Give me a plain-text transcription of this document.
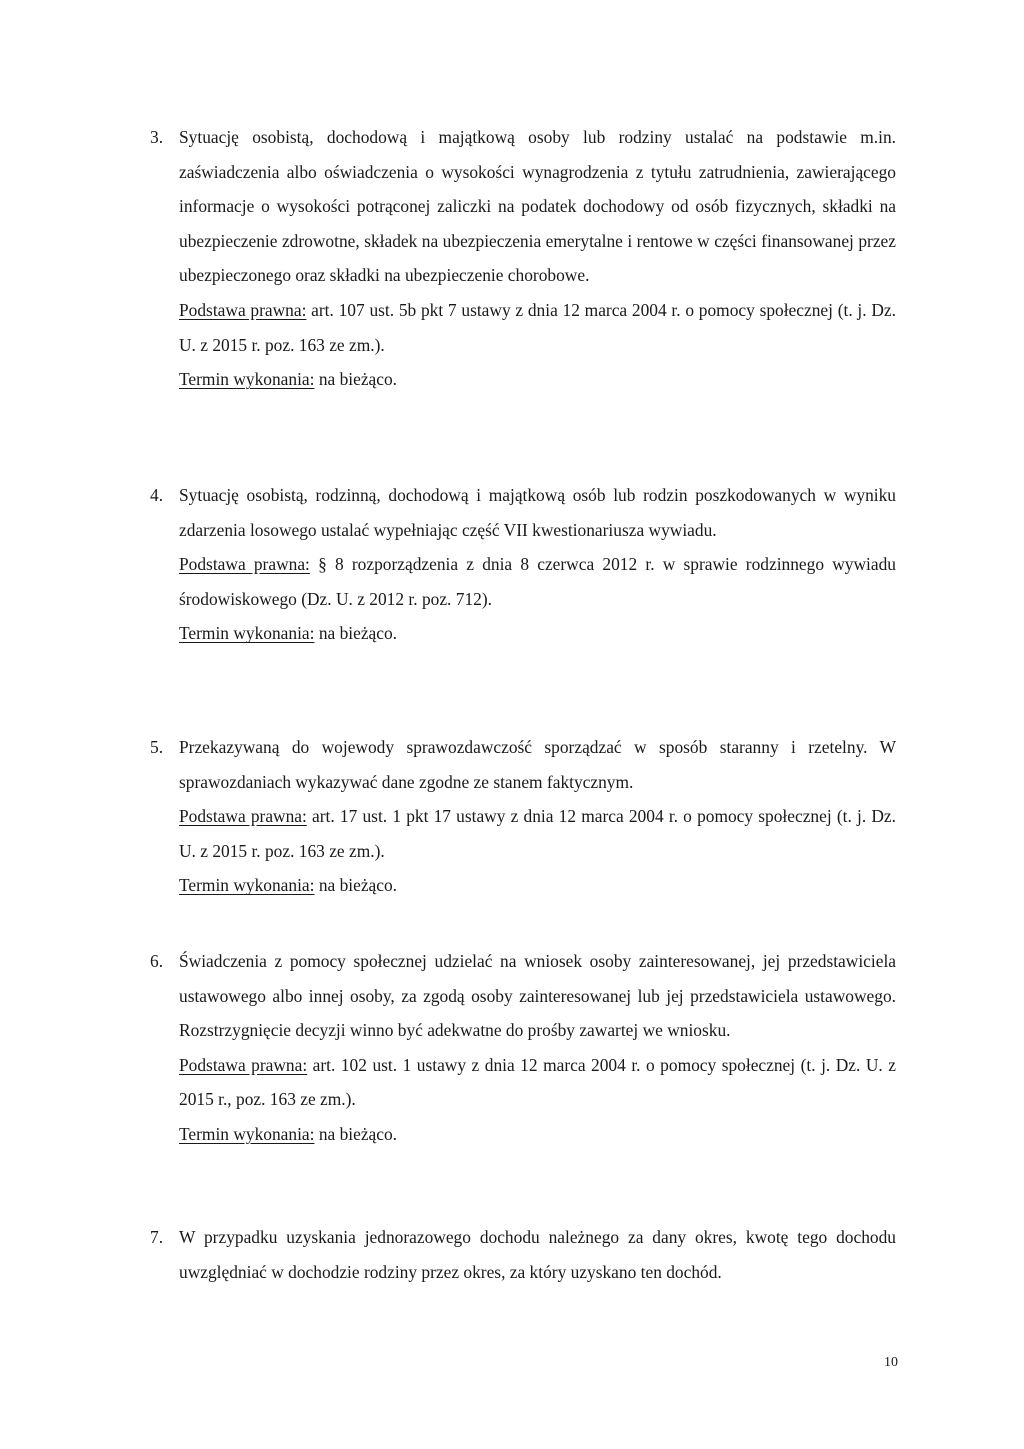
3. Sytuację osobistą, dochodową i majątkową osoby lub rodziny ustalać na podstawie m.in. zaświadczenia albo oświadczenia o wysokości wynagrodzenia z tytułu zatrudnienia, zawierającego informacje o wysokości potrąconej zaliczki na podatek dochodowy od osób fizycznych, składki na ubezpieczenie zdrowotne, składek na ubezpieczenia emerytalne i rentowe w części finansowanej przez ubezpieczonego oraz składki na ubezpieczenie chorobowe.

Podstawa prawna: art. 107 ust. 5b pkt 7 ustawy z dnia 12 marca 2004 r. o pomocy społecznej (t. j. Dz. U. z 2015 r. poz. 163 ze zm.).

Termin wykonania: na bieżąco.

4. Sytuację osobistą, rodzinną, dochodową i majątkową osób lub rodzin poszkodowanych w wyniku zdarzenia losowego ustalać wypełniając część VII kwestionariusza wywiadu.

Podstawa prawna: § 8 rozporządzenia z dnia 8 czerwca 2012 r. w sprawie rodzinnego wywiadu środowiskowego (Dz. U. z 2012 r. poz. 712).

Termin wykonania: na bieżąco.

5. Przekazywaną do wojewody sprawozdawczość sporządzać w sposób staranny i rzetelny. W sprawozdaniach wykazywać dane zgodne ze stanem faktycznym.

Podstawa prawna: art. 17 ust. 1 pkt 17 ustawy z dnia 12 marca 2004 r. o pomocy społecznej (t. j. Dz. U. z 2015 r. poz. 163 ze zm.).

Termin wykonania: na bieżąco.

6. Świadczenia z pomocy społecznej udzielać na wniosek osoby zainteresowanej, jej przedstawiciela ustawowego albo innej osoby, za zgodą osoby zainteresowanej lub jej przedstawiciela ustawowego. Rozstrzygnięcie decyzji winno być adekwatne do prośby zawartej we wniosku.

Podstawa prawna: art. 102 ust. 1 ustawy z dnia 12 marca 2004 r. o pomocy społecznej (t. j. Dz. U. z 2015 r., poz. 163 ze zm.).

Termin wykonania: na bieżąco.

7. W przypadku uzyskania jednorazowego dochodu należnego za dany okres, kwotę tego dochodu uwzględniać w dochodzie rodziny przez okres, za który uzyskano ten dochód.

10
